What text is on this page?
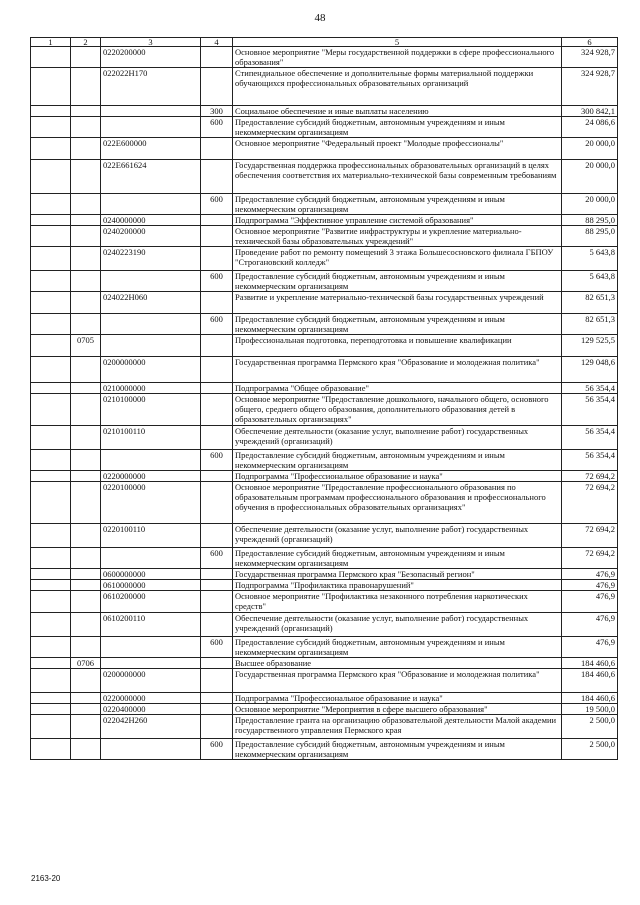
48
1	2	3	4	5	6
		0220200000		Основное мероприятие "Меры государственной поддержки в сфере профессионального образования"	324 928,7
		022022Н170		Стипендиальное обеспечение и дополнительные формы материальной поддержки обучающихся профессиональных образовательных организаций	324 928,7
			300	Социальное обеспечение и иные выплаты населению	300 842,1
			600	Предоставление субсидий бюджетным, автономным учреждениям и иным некоммерческим организациям	24 086,6
		022Е600000		Основное мероприятие "Федеральный проект "Молодые профессионалы"	20 000,0
		022Е661624		Государственная поддержка профессиональных образовательных организаций в целях обеспечения соответствия их материально-технической базы современным требованиям	20 000,0
			600	Предоставление субсидий бюджетным, автономным учреждениям и иным некоммерческим организациям	20 000,0
		0240000000		Подпрограмма "Эффективное управление системой образования"	88 295,0
		0240200000		Основное мероприятие "Развитие инфраструктуры и укрепление материально-технической базы образовательных учреждений"	88 295,0
		0240223190		Проведение работ по ремонту помещений 3 этажа Большесосновского филиала ГБПОУ "Строгановский колледж"	5 643,8
			600	Предоставление субсидий бюджетным, автономным учреждениям и иным некоммерческим организациям	5 643,8
		024022Н060		Развитие и укрепление материально-технической базы государственных учреждений	82 651,3
			600	Предоставление субсидий бюджетным, автономным учреждениям и иным некоммерческим организациям	82 651,3
	0705			Профессиональная подготовка, переподготовка и повышение квалификации	129 525,5
		0200000000		Государственная программа Пермского края "Образование и молодежная политика"	129 048,6
		0210000000		Подпрограмма "Общее образование"	56 354,4
		0210100000		Основное мероприятие "Предоставление дошкольного, начального общего, основного общего, среднего общего образования, дополнительного образования детей в образовательных организациях"	56 354,4
		0210100110		Обеспечение деятельности (оказание услуг, выполнение работ) государственных учреждений (организаций)	56 354,4
			600	Предоставление субсидий бюджетным, автономным учреждениям и иным некоммерческим организациям	56 354,4
		0220000000		Подпрограмма "Профессиональное образование и наука"	72 694,2
		0220100000		Основное мероприятие "Предоставление профессионального образования по образовательным программам профессионального образования и профессионального обучения в профессиональных образовательных организациях"	72 694,2
		0220100110		Обеспечение деятельности (оказание услуг, выполнение работ) государственных учреждений (организаций)	72 694,2
			600	Предоставление субсидий бюджетным, автономным учреждениям и иным некоммерческим организациям	72 694,2
		0600000000		Государственная программа Пермского края "Безопасный регион"	476,9
		0610000000		Подпрограмма "Профилактика правонарушений"	476,9
		0610200000		Основное мероприятие "Профилактика незаконного потребления наркотических средств"	476,9
		0610200110		Обеспечение деятельности (оказание услуг, выполнение работ) государственных учреждений (организаций)	476,9
			600	Предоставление субсидий бюджетным, автономным учреждениям и иным некоммерческим организациям	476,9
	0706			Высшее образование	184 460,6
		0200000000		Государственная программа Пермского края "Образование и молодежная политика"	184 460,6
		0220000000		Подпрограмма "Профессиональное образование и наука"	184 460,6
		0220400000		Основное мероприятие "Мероприятия в сфере высшего образования"	19 500,0
		022042Н260		Предоставление гранта на организацию образовательной деятельности Малой академии государственного управления Пермского края	2 500,0
			600	Предоставление субсидий бюджетным, автономным учреждениям и иным некоммерческим организациям	2 500,0
2163-20
